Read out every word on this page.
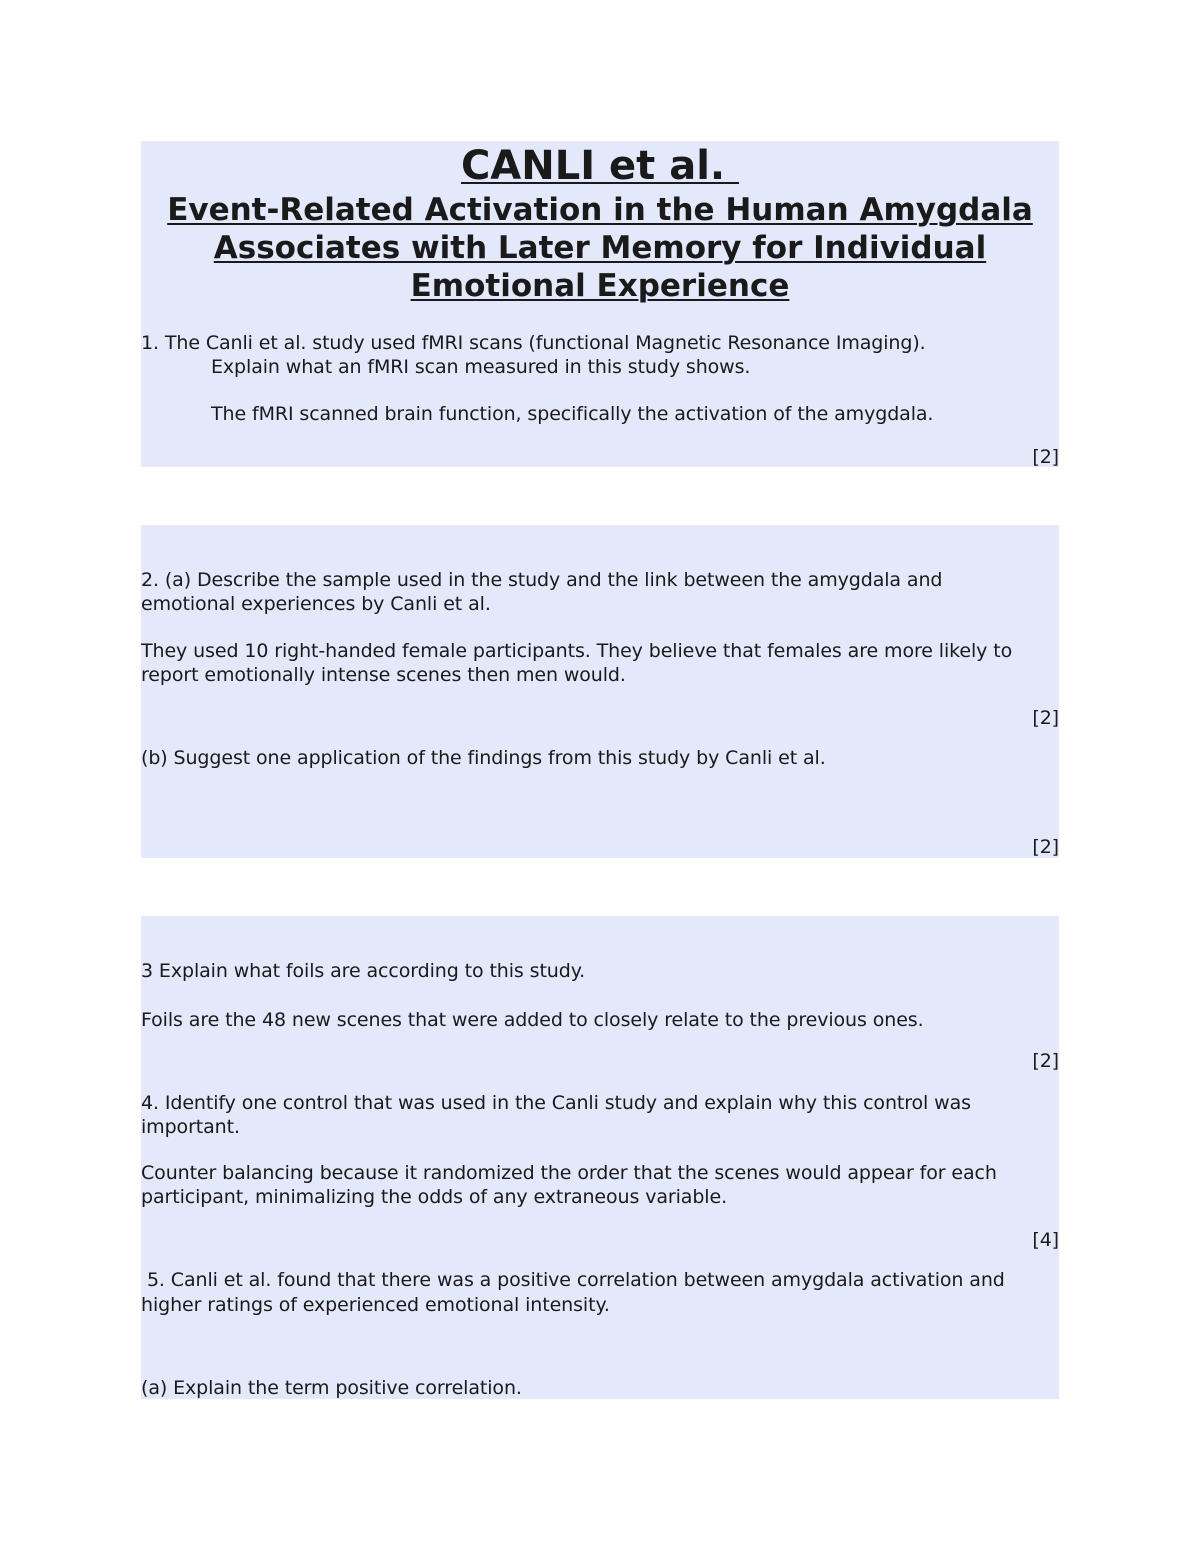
CANLI et al.
Event-Related Activation in the Human Amygdala
Associates with Later Memory for Individual
Emotional Experience
1. The Canli et al. study used fMRI scans (functional Magnetic Resonance Imaging).
Explain what an fMRI scan measured in this study shows.
The fMRI scanned brain function, specifically the activation of the amygdala.
[2]
2. (a) Describe the sample used in the study and the link between the amygdala and
emotional experiences by Canli et al.
They used 10 right-handed female participants. They believe that females are more likely to
report emotionally intense scenes then men would.
[2]
(b) Suggest one application of the findings from this study by Canli et al.
[2]
3 Explain what foils are according to this study.
Foils are the 48 new scenes that were added to closely relate to the previous ones.
[2]
4. Identify one control that was used in the Canli study and explain why this control was
important.
Counter balancing because it randomized the order that the scenes would appear for each
participant, minimalizing the odds of any extraneous variable.
[4]
5. Canli et al. found that there was a positive correlation between amygdala activation and
higher ratings of experienced emotional intensity.
(a) Explain the term positive correlation.
